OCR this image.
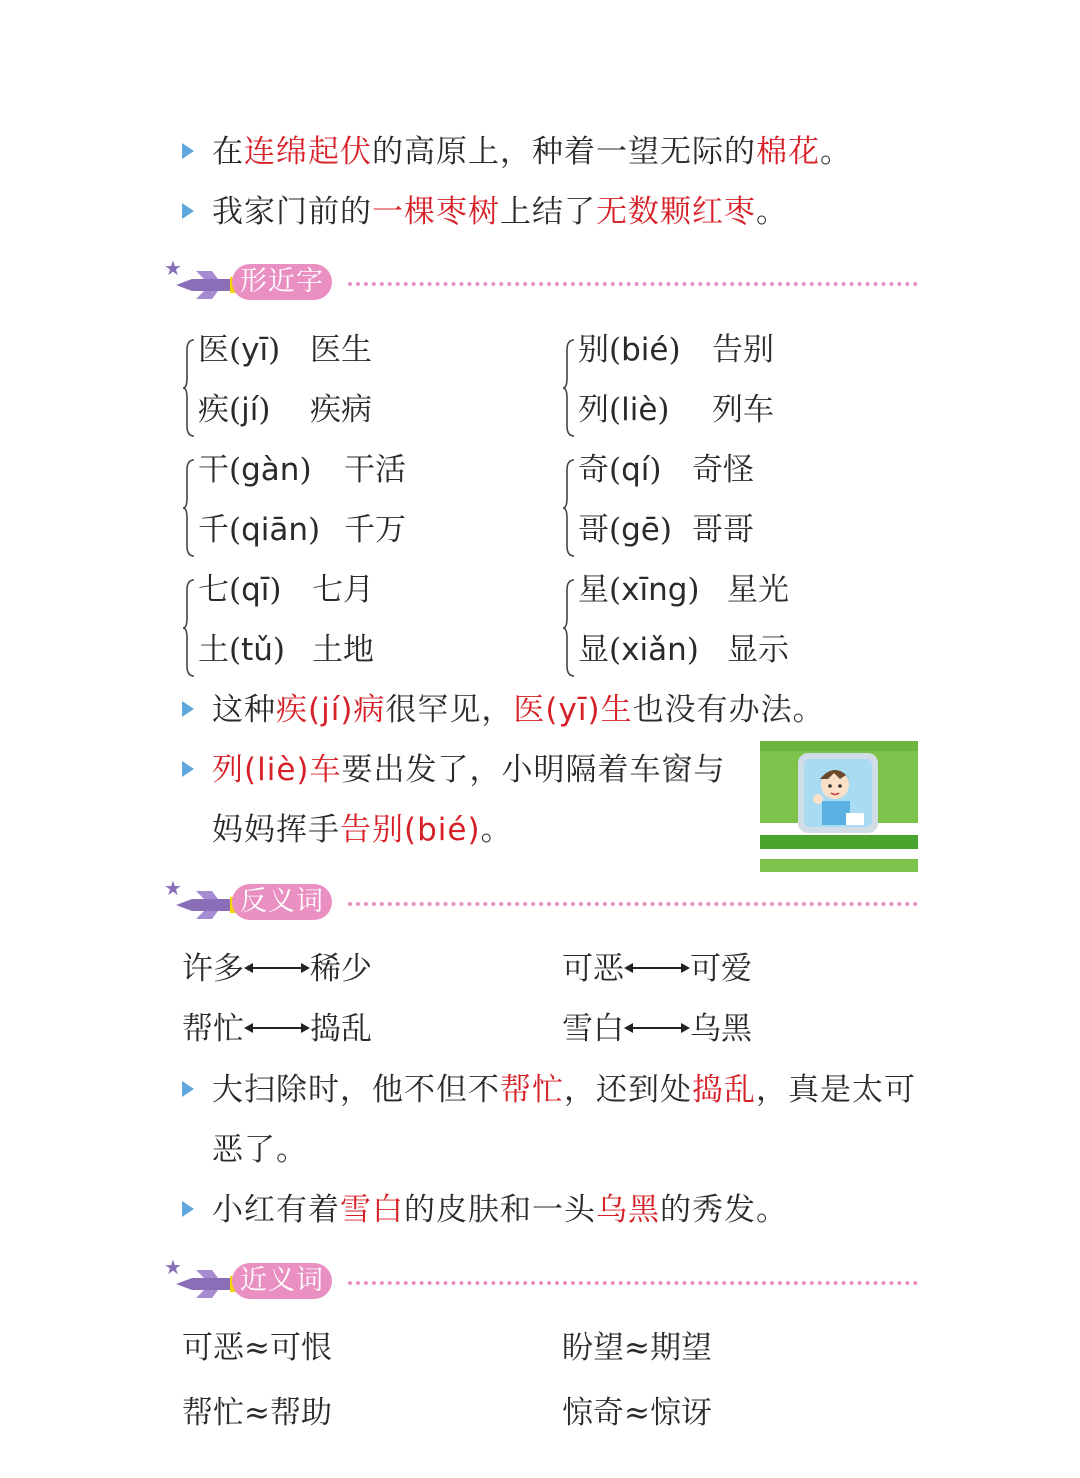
在连绵起伏的高原上，种着一望无际的棉花。
我家门前的一棵枣树上结了无数颗红枣。
★ 形近字
医(yī) 医生
疾(jí) 疾病
别(bié) 告别
列(liè) 列车
干(gàn) 干活
千(qiān) 千万
奇(qí) 奇怪
哥(gē) 哥哥
七(qī) 七月
土(tǔ) 土地
星(xīng) 星光
显(xiǎn) 显示
这种疾(jí)病很罕见，医(yī)生也没有办法。
列(liè)车要出发了，小明隔着车窗与
妈妈挥手告别(bié)。
★ 反义词
许多 稀少	可恶 可爱
帮忙 捣乱	雪白 乌黑
大扫除时，他不但不帮忙，还到处捣乱，真是太可
恶了。
小红有着雪白的皮肤和一头乌黑的秀发。
★ 近义词
可恶≈可恨	盼望≈期望
帮忙≈帮助	惊奇≈惊讶
